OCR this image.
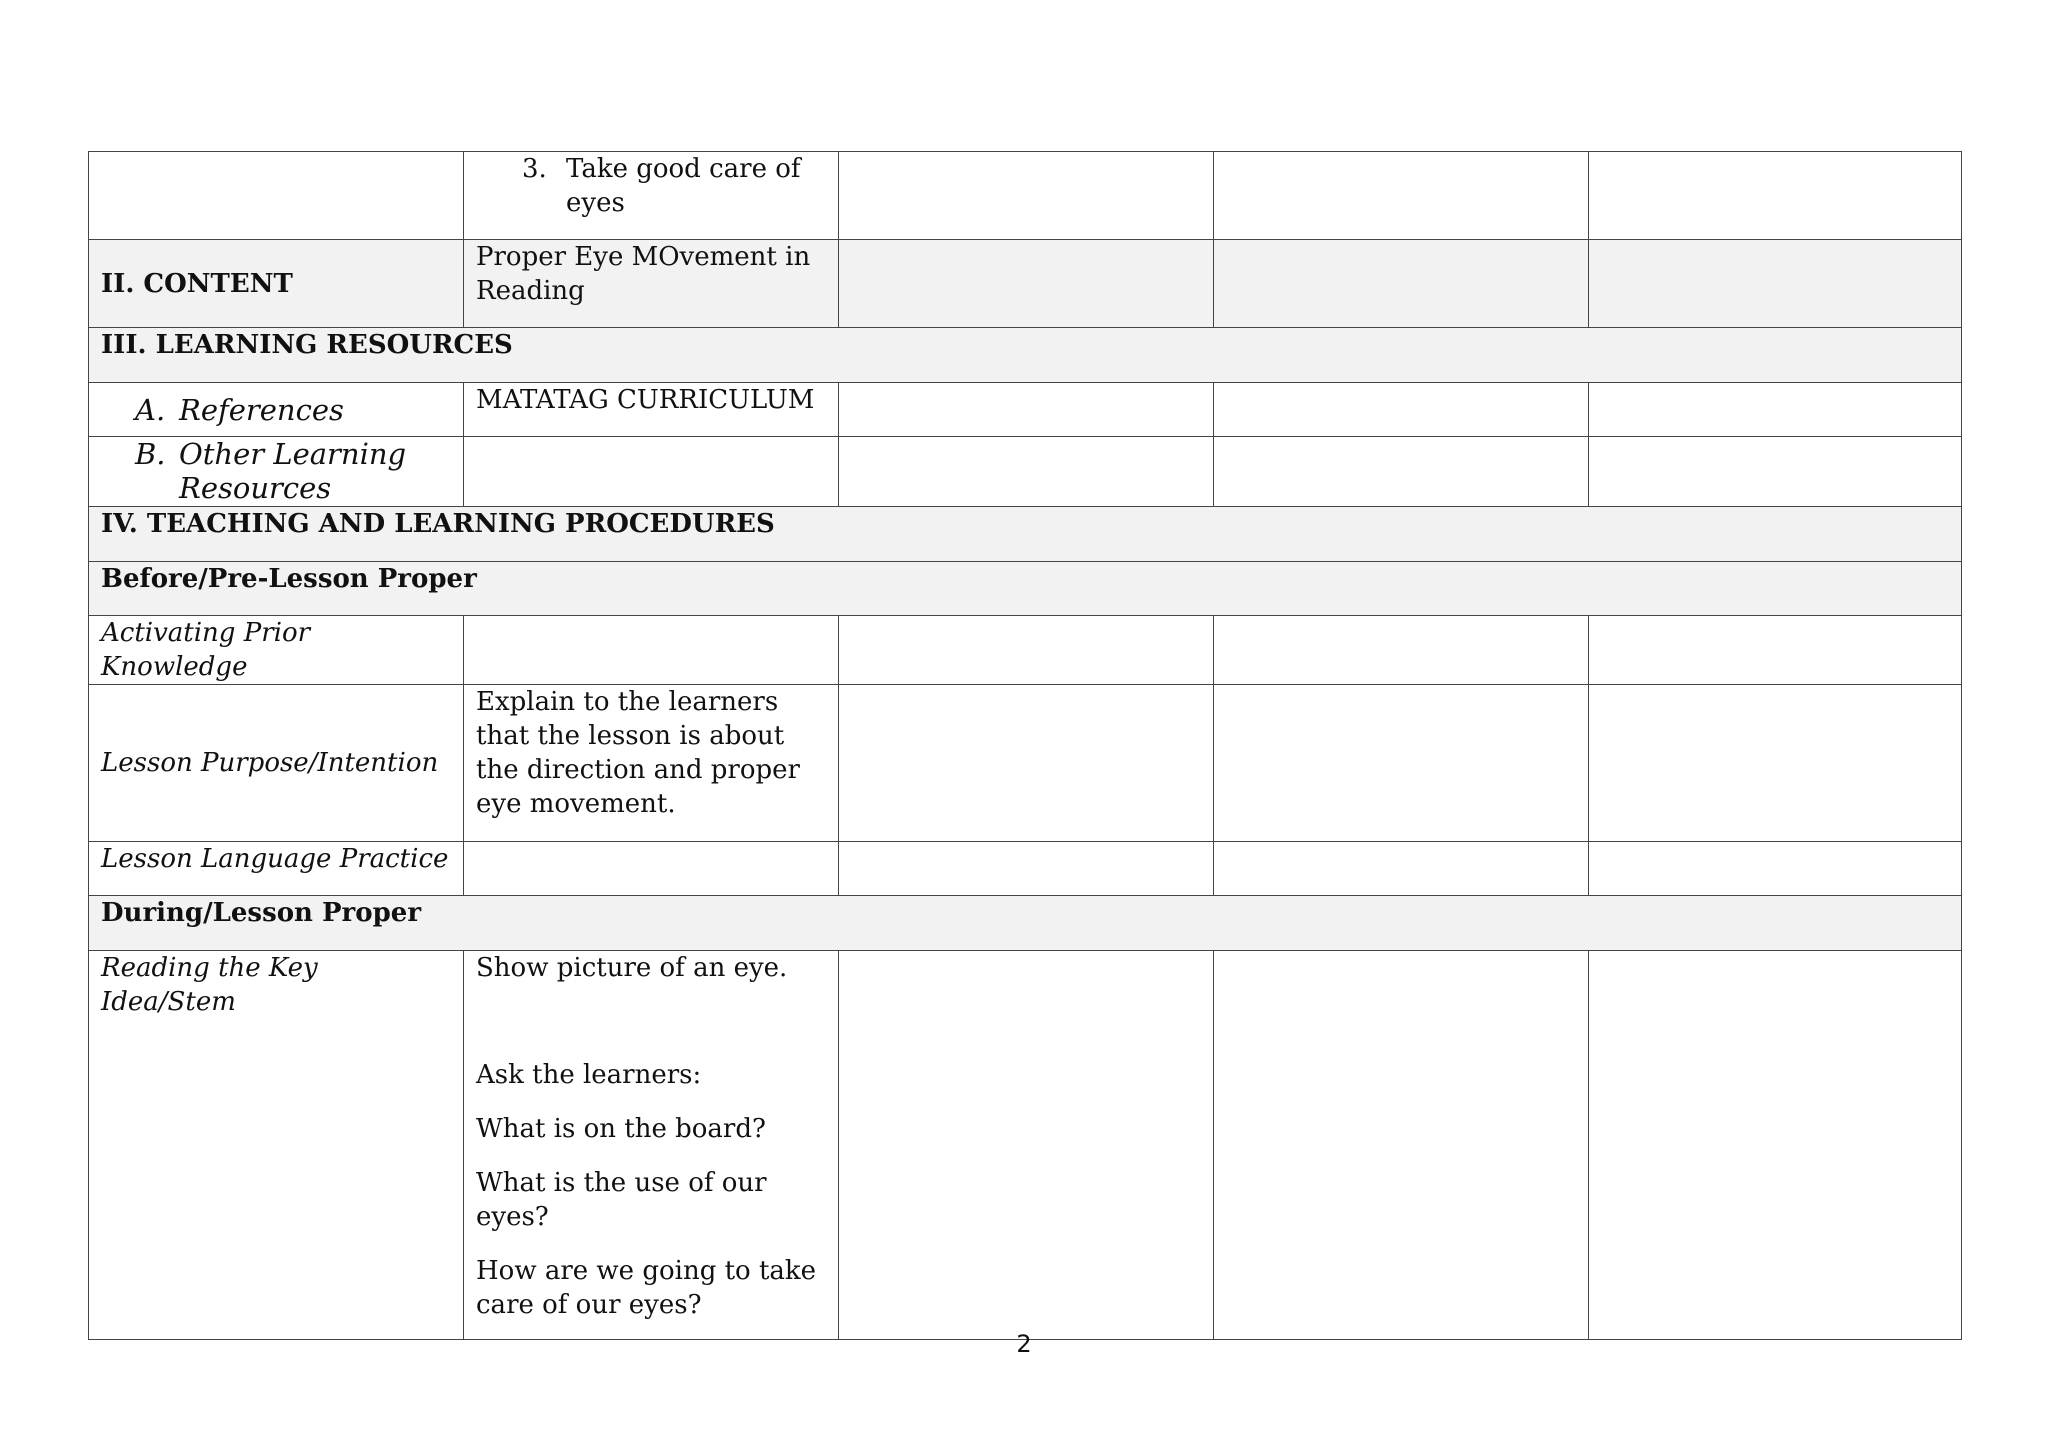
	3. Take good care of eyes			

II. CONTENT	Proper Eye MOvement in Reading			
III. LEARNING RESOURCES				

A. References	MATATAG CURRICULUM			

B. Other Learning Resources				

IV. TEACHING AND LEARNING PROCEDURES				
Before/Pre-Lesson Proper				
Activating Prior Knowledge				
Lesson Purpose/Intention	Explain to the learners that the lesson is about the direction and proper eye movement.			
Lesson Language Practice				
During/Lesson Proper				
Reading the Key Idea/Stem	Show picture of an eye.

Ask the learners:

What is on the board?

What is the use of our eyes?

How are we going to take care of our eyes?			

2
